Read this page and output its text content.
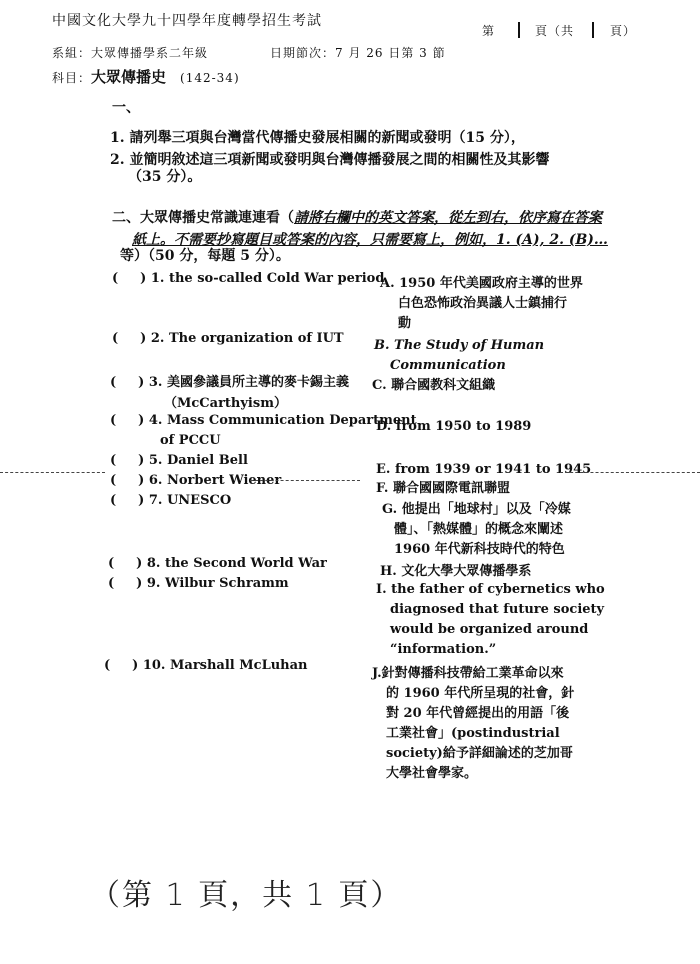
中國文化大學九十四學年度轉學招生考試
第	頁（共	頁）
系組：大眾傳播學系二年級	日期節次：7 月 26 日第 3 節
科目：大眾傳播史 (142-34)
一、
1. 請列舉三項與台灣當代傳播史發展相關的新聞或發明（15 分），
2. 並簡明敘述這三項新聞或發明與台灣傳播發展之間的相關性及其影響
（35 分）。
二、大眾傳播史常識連連看（請將右欄中的英文答案，從左到右，依序寫在答案
紙上。不需要抄寫題目或答案的內容，只需要寫上，例如，1. (A), 2. (B)…
等）（50 分，每題 5 分）。
( ) 1. the so-called Cold War period
( ) 2. The organization of IUT
( ) 3. 美國參議員所主導的麥卡錫主義
（McCarthyism）
( ) 4. Mass Communication Department
of PCCU
( ) 5. Daniel Bell
( ) 6. Norbert Wiener
( ) 7. UNESCO
( ) 8. the Second World War
( ) 9. Wilbur Schramm
( ) 10. Marshall McLuhan
A. 1950 年代美國政府主導的世界
白色恐怖政治異議人士鎮捕行
動
B. The Study of Human
Communication
C. 聯合國教科文組織
D. from 1950 to 1989
E. from 1939 or 1941 to 1945
F. 聯合國國際電訊聯盟
G. 他提出「地球村」以及「冷媒
體」、「熱媒體」的概念來闡述
1960 年代新科技時代的特色
H. 文化大學大眾傳播學系
I. the father of cybernetics who
diagnosed that future society
would be organized around
“information.”
J.針對傳播科技帶給工業革命以來
的 1960 年代所呈現的社會，針
對 20 年代曾經提出的用語「後
工業社會」(postindustrial
society)給予詳細論述的芝加哥
大學社會學家。
（第 1 頁，共 1 頁）
